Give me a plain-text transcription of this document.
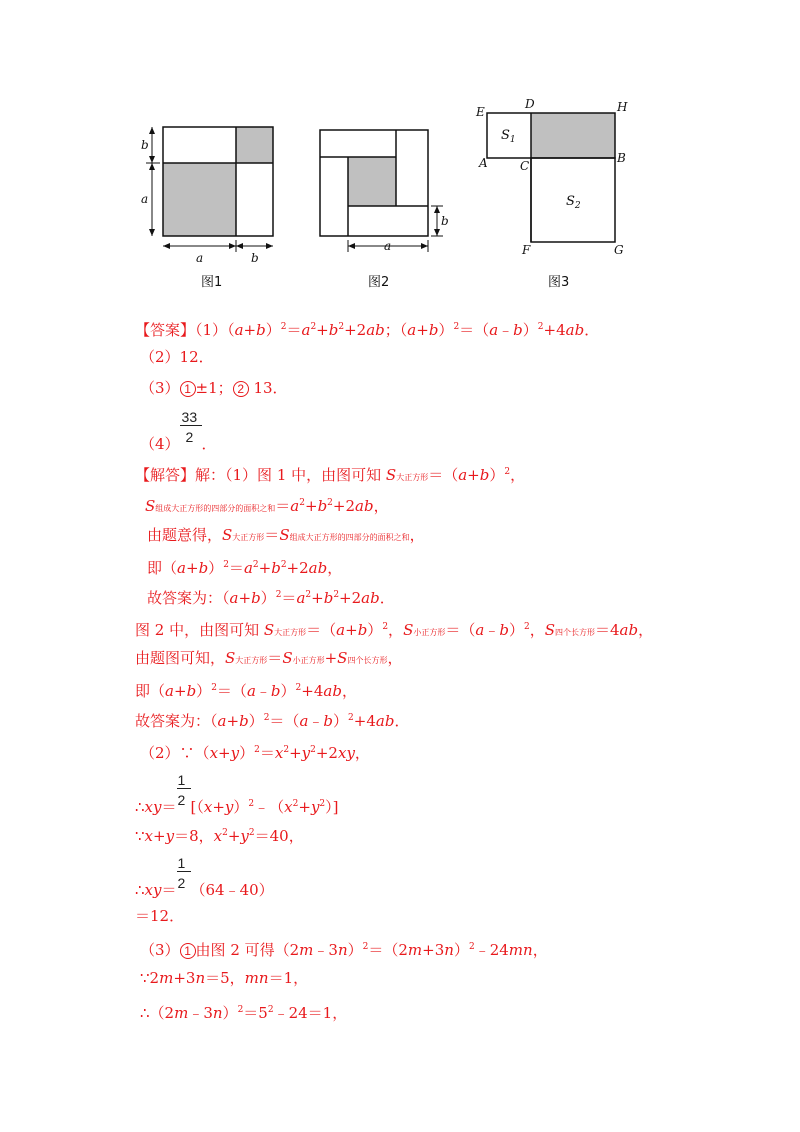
b
a
a	b
图1
b
a
图2
E
D	H
A	C
B
F	G
$S_1$
$S_2$
图3
【答案】$(1)(a+b)^2=a^2+b^2+2ab$；$(a+b)^2=(a﹣b)^2+4ab$．
（2）12．
（3） 1 ±1； 2 13．
$(4) \frac{33}{2}$ ．
【解答】解：（1）图 1 中，由图可知 S大正方形$=(a+b)^2$，
S组成大正方形的四部分的面积之和$=a^2+b^2+2ab$，
由题意得，S大正方形＝S组成大正方形的四部分的面积之和，
即$(a+b)^2=a^2+b^2+2ab$，
故答案为：$(a+b)^2=a^2+b^2+2ab$．
图 2 中，由图可知 S大正方形$=(a+b)^2$，S小正方形＝（a﹣b）$^2$，S四个长方形＝4ab，
由题图可知，S大正方形＝S小正方形+S四个长方形，
即$(a+b)^2=(a﹣b)^2+4ab$，
故答案为：$(a+b)^2=(a﹣b)^2+4ab$．
$(2)\because(x+y)^2=x^2+y^2+2xy$，
∴xy＝ $\frac{1}{2}$ $[(x+y)^2﹣(x^2+y^2)]$
∵x+y＝8，$x^2+y^2=40$，
∴xy＝ $\frac{1}{2}$ （64﹣40）
＝12．
（3） 1 由图 2 可得$(2m﹣3n)^2=(2m+3n)^2﹣24mn$，
∵2m+3n＝5，mn＝1，
$\therefore(2m﹣3n)^2=5^2﹣24=1$，
